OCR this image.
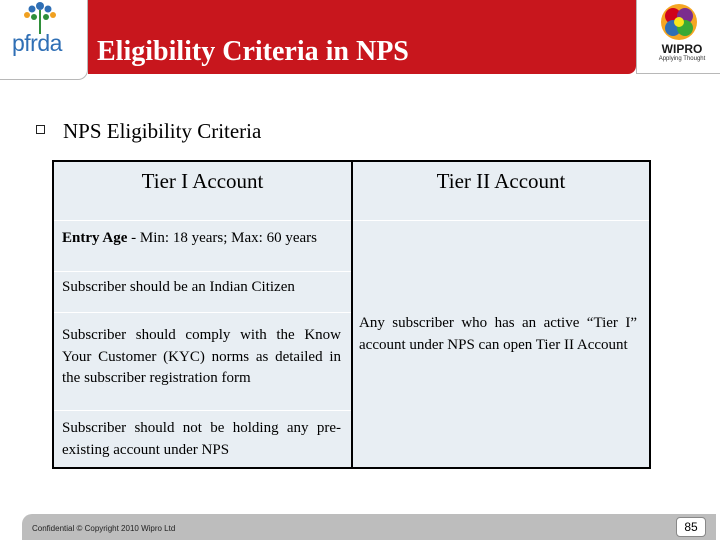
pfrda Eligibility Criteria in NPS	WIPRO
Applying Thought
NPS Eligibility Criteria
Tier I Account	Tier II Account
Entry Age - Min: 18 years; Max: 60 years
Subscriber should be an Indian Citizen
Subscriber should comply with the Know Your Customer (KYC) norms as detailed in the subscriber registration form
Subscriber should not be holding any pre-existing account under NPS
Any subscriber who has an active “Tier I” account under NPS can open Tier II Account
Confidential © Copyright 2010 Wipro Ltd	85
